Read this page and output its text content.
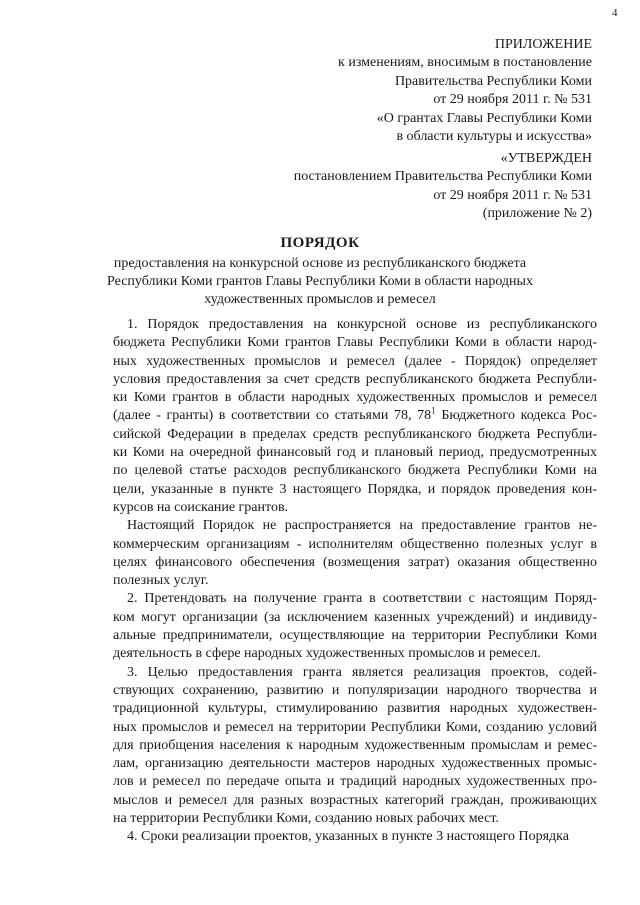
4
ПРИЛОЖЕНИЕ
к изменениям, вносимым в постановление
Правительства Республики Коми
от 29 ноября 2011 г. № 531
«О грантах Главы Республики Коми
в области культуры и искусства»
«УТВЕРЖДЕН
постановлением Правительства Республики Коми
от 29 ноября 2011 г. № 531
(приложение № 2)
ПОРЯДОК
предоставления на конкурсной основе из республиканского бюджета
Республики Коми грантов Главы Республики Коми в области народных
художественных промыслов и ремесел
1. Порядок предоставления на конкурсной основе из республиканского
бюджета Республики Коми грантов Главы Республики Коми в области народ-
ных художественных промыслов и ремесел (далее - Порядок) определяет
условия предоставления за счет средств республиканского бюджета Республи-
ки Коми грантов в области народных художественных промыслов и ремесел
(далее - гранты) в соответствии со статьями 78, $78^1$ Бюджетного кодекса Рос-
сийской Федерации в пределах средств республиканского бюджета Республи-
ки Коми на очередной финансовый год и плановый период, предусмотренных
по целевой статье расходов республиканского бюджета Республики Коми на
цели, указанные в пункте 3 настоящего Порядка, и порядок проведения кон-
курсов на соискание грантов.
Настоящий Порядок не распространяется на предоставление грантов не-
коммерческим организациям - исполнителям общественно полезных услуг в
целях финансового обеспечения (возмещения затрат) оказания общественно
полезных услуг.
2. Претендовать на получение гранта в соответствии с настоящим Поряд-
ком могут организации (за исключением казенных учреждений) и индивиду-
альные предприниматели, осуществляющие на территории Республики Коми
деятельность в сфере народных художественных промыслов и ремесел.
3. Целью предоставления гранта является реализация проектов, содей-
ствующих сохранению, развитию и популяризации народного творчества и
традиционной культуры, стимулированию развития народных художествен-
ных промыслов и ремесел на территории Республики Коми, созданию условий
для приобщения населения к народным художественным промыслам и ремес-
лам, организацию деятельности мастеров народных художественных промыс-
лов и ремесел по передаче опыта и традиций народных художественных про-
мыслов и ремесел для разных возрастных категорий граждан, проживающих
на территории Республики Коми, созданию новых рабочих мест.
4. Сроки реализации проектов, указанных в пункте 3 настоящего Порядка
